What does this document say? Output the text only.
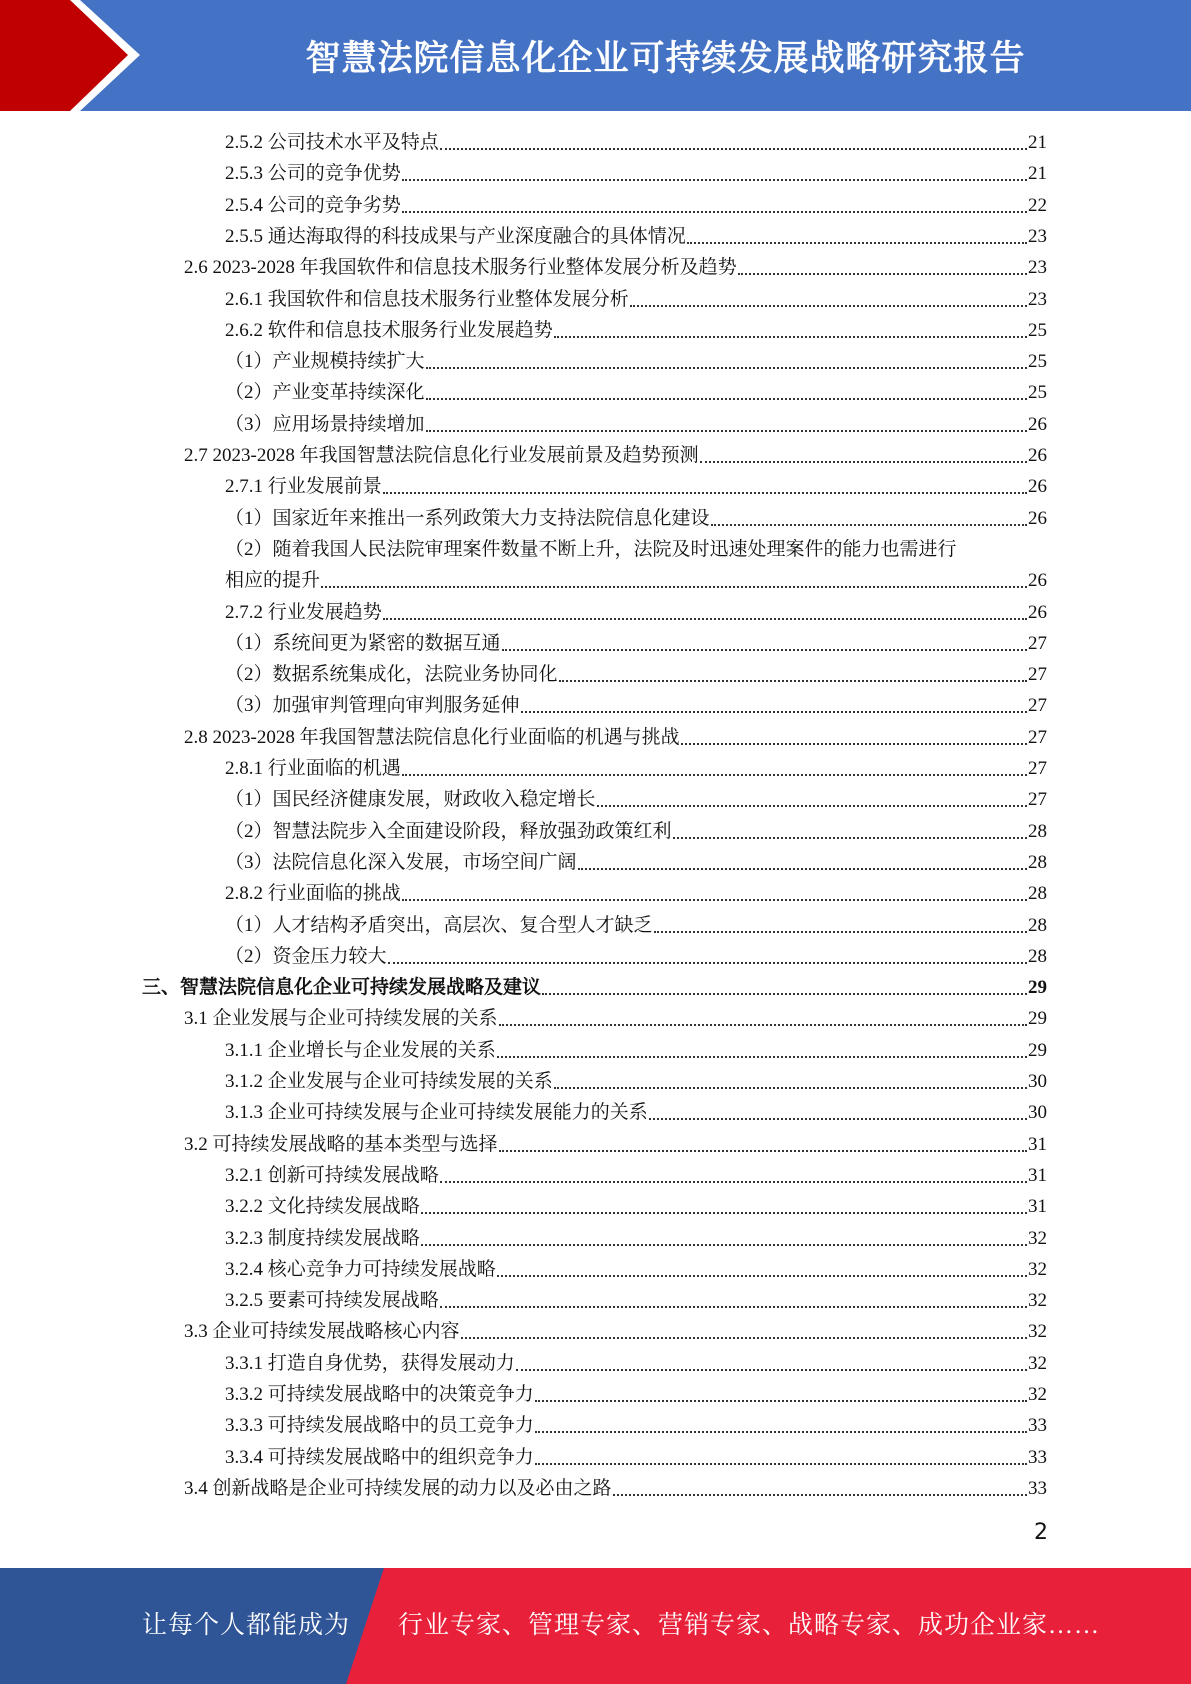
智慧法院信息化企业可持续发展战略研究报告
2.5.2 公司技术水平及特点	21
2.5.3 公司的竞争优势	21
2.5.4 公司的竞争劣势	22
2.5.5 通达海取得的科技成果与产业深度融合的具体情况	23
2.6 2023-2028 年我国软件和信息技术服务行业整体发展分析及趋势	23
2.6.1 我国软件和信息技术服务行业整体发展分析	23
2.6.2 软件和信息技术服务行业发展趋势	25
（1）产业规模持续扩大	25
（2）产业变革持续深化	25
（3）应用场景持续增加	26
2.7 2023-2028 年我国智慧法院信息化行业发展前景及趋势预测	26
2.7.1 行业发展前景	26
（1）国家近年来推出一系列政策大力支持法院信息化建设	26
（2）随着我国人民法院审理案件数量不断上升，法院及时迅速处理案件的能力也需进行
相应的提升	26
2.7.2 行业发展趋势	26
（1）系统间更为紧密的数据互通	27
（2）数据系统集成化，法院业务协同化	27
（3）加强审判管理向审判服务延伸	27
2.8 2023-2028 年我国智慧法院信息化行业面临的机遇与挑战	27
2.8.1 行业面临的机遇	27
（1）国民经济健康发展，财政收入稳定增长	27
（2）智慧法院步入全面建设阶段，释放强劲政策红利	28
（3）法院信息化深入发展，市场空间广阔	28
2.8.2 行业面临的挑战	28
（1）人才结构矛盾突出，高层次、复合型人才缺乏	28
（2）资金压力较大	28
三、智慧法院信息化企业可持续发展战略及建议	29
3.1 企业发展与企业可持续发展的关系	29
3.1.1 企业增长与企业发展的关系	29
3.1.2 企业发展与企业可持续发展的关系	30
3.1.3 企业可持续发展与企业可持续发展能力的关系	30
3.2 可持续发展战略的基本类型与选择	31
3.2.1 创新可持续发展战略	31
3.2.2 文化持续发展战略	31
3.2.3 制度持续发展战略	32
3.2.4 核心竞争力可持续发展战略	32
3.2.5 要素可持续发展战略	32
3.3 企业可持续发展战略核心内容	32
3.3.1 打造自身优势，获得发展动力	32
3.3.2 可持续发展战略中的决策竞争力	32
3.3.3 可持续发展战略中的员工竞争力	33
3.3.4 可持续发展战略中的组织竞争力	33
3.4 创新战略是企业可持续发展的动力以及必由之路	33
2
让每个人都能成为 行业专家、管理专家、营销专家、战略专家、成功企业家……
